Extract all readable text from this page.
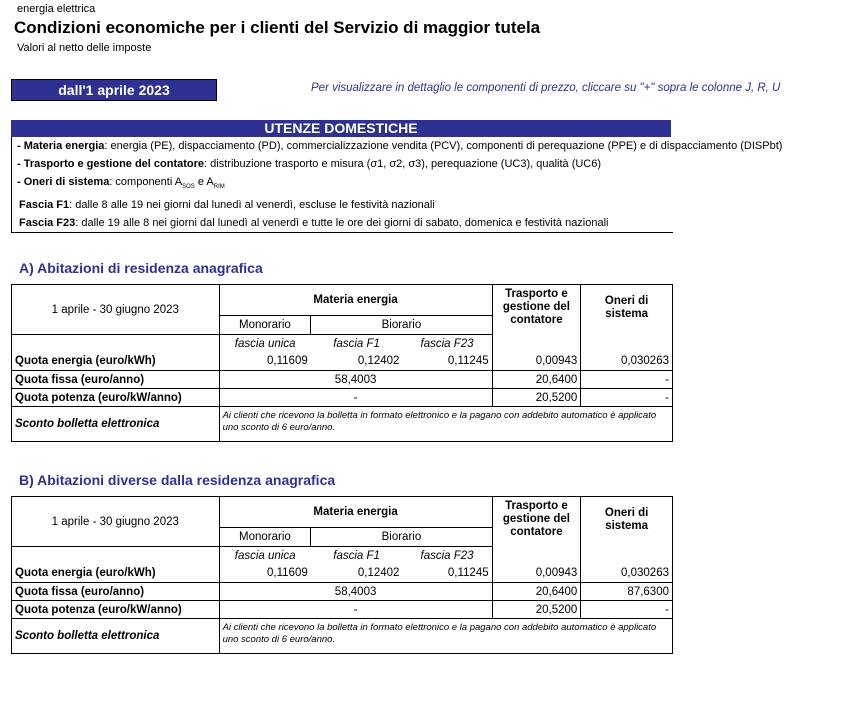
energia elettrica
Condizioni economiche per i clienti del Servizio di maggior tutela
Valori al netto delle imposte
dall'1 aprile 2023	Per visualizzare in dettaglio le componenti di prezzo, cliccare su "+" sopra le colonne J, R, U
UTENZE DOMESTICHE
- Materia energia: energia (PE), dispacciamento (PD), commercializzazione vendita (PCV), componenti di perequazione (PPE) e di dispacciamento (DISPbt)
- Trasporto e gestione del contatore: distribuzione trasporto e misura (σ1, σ2, σ3), perequazione (UC3), qualità (UC6)
- Oneri di sistema: componenti $A_{SOS}$ e $A_{RIM}$
Fascia F1: dalle 8 alle 19 nei giorni dal lunedì al venerdì, escluse le festività nazionali
Fascia F23: dalle 19 alle 8 nei giorni dal lunedì al venerdì e tutte le ore dei giorni di sabato, domenica e festività nazionali
A) Abitazioni di residenza anagrafica
1 aprile - 30 giugno 2023	Materia energia			Trasporto e gestione del contatore	Oneri di sistema
	Monorario	Biorario			
	fascia unica	fascia F1	fascia F23		
Quota energia (euro/kWh)	0,11609	0,12402	0,11245	0,00943	0,030263
Quota fissa (euro/anno)	58,4003			20,6400	-
Quota potenza (euro/kW/anno)	-			20,5200	-
Sconto bolletta elettronica	Ai clienti che ricevono la bolletta in formato elettronico e la pagano con addebito automatico è applicato uno sconto di 6 euro/anno.				
B) Abitazioni diverse dalla residenza anagrafica
1 aprile - 30 giugno 2023	Materia energia			Trasporto e gestione del contatore	Oneri di sistema
	Monorario	Biorario			
	fascia unica	fascia F1	fascia F23		
Quota energia (euro/kWh)	0,11609	0,12402	0,11245	0,00943	0,030263
Quota fissa (euro/anno)	58,4003			20,6400	87,6300
Quota potenza (euro/kW/anno)	-			20,5200	-
Sconto bolletta elettronica	Ai clienti che ricevono la bolletta in formato elettronico e la pagano con addebito automatico è applicato uno sconto di 6 euro/anno.				
